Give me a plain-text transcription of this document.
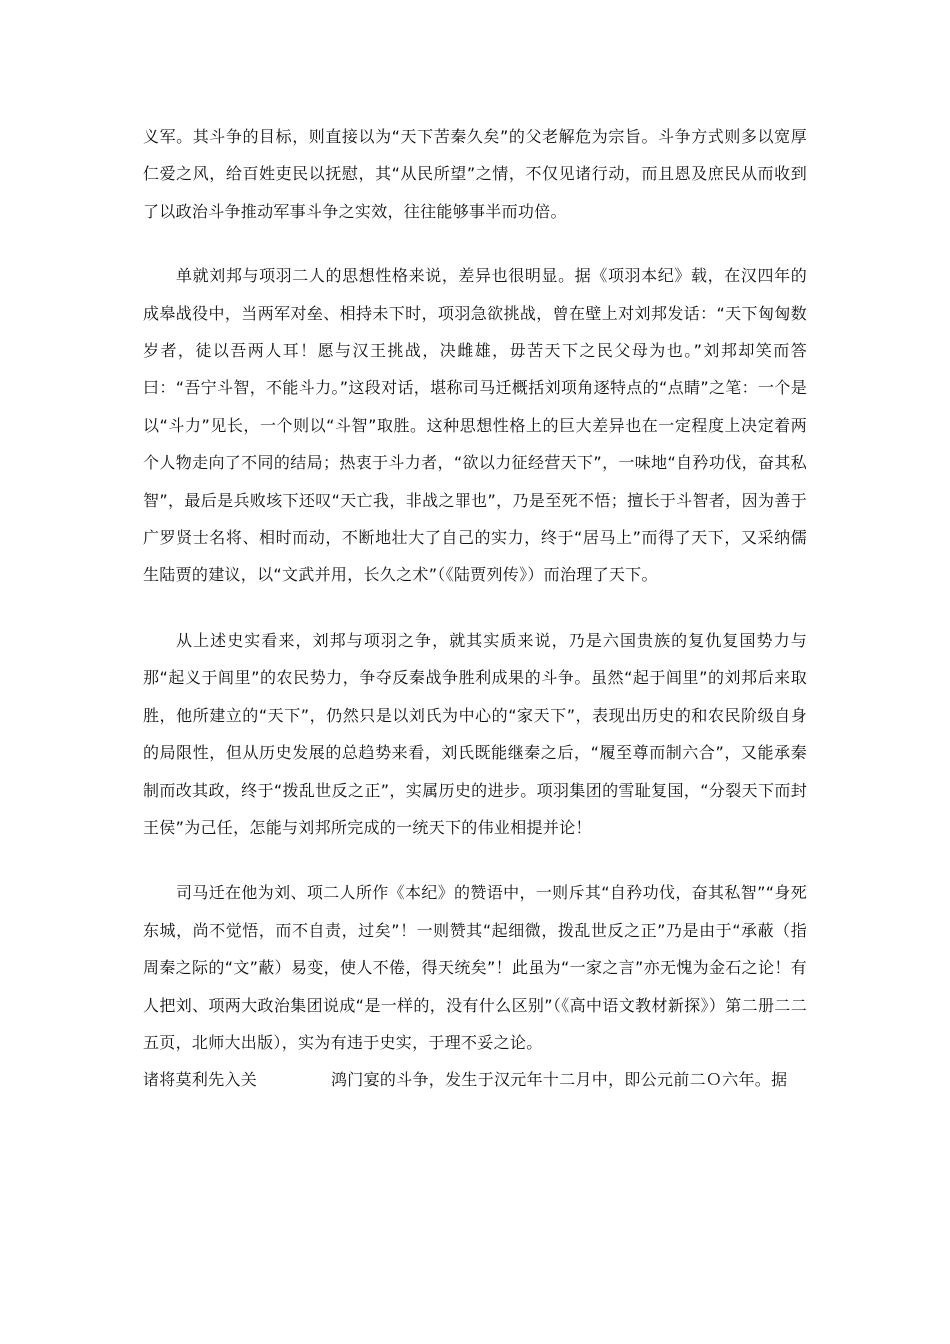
义军。其斗争的目标，则直接以为“天下苦秦久矣”的父老解危为宗旨。斗争方式则多以宽厚仁爱之风，给百姓吏民以抚慰，其“从民所望”之情，不仅见诸行动，而且恩及庶民从而收到了以政治斗争推动军事斗争之实效，往往能够事半而功倍。

单就刘邦与项羽二人的思想性格来说，差异也很明显。据《项羽本纪》载，在汉四年的成皋战役中，当两军对垒、相持未下时，项羽急欲挑战，曾在壁上对刘邦发话：“天下匈匈数岁者，徒以吾两人耳！愿与汉王挑战，决雌雄，毋苦天下之民父母为也。”刘邦却笑而答曰：“吾宁斗智，不能斗力。”这段对话，堪称司马迁概括刘项角逐特点的“点睛”之笔：一个是以“斗力”见长，一个则以“斗智”取胜。这种思想性格上的巨大差异也在一定程度上决定着两个人物走向了不同的结局；热衷于斗力者，“欲以力征经营天下”，一味地“自矜功伐，奋其私智”，最后是兵败垓下还叹“天亡我，非战之罪也”，乃是至死不悟；擅长于斗智者，因为善于广罗贤士名将、相时而动，不断地壮大了自己的实力，终于“居马上”而得了天下，又采纳儒生陆贾的建议，以“文武并用，长久之术”（《陆贾列传》）而治理了天下。

从上述史实看来，刘邦与项羽之争，就其实质来说，乃是六国贵族的复仇复国势力与那“起义于闾里”的农民势力，争夺反秦战争胜利成果的斗争。虽然“起于闾里”的刘邦后来取胜，他所建立的“天下”，仍然只是以刘氏为中心的“家天下”，表现出历史的和农民阶级自身的局限性，但从历史发展的总趋势来看，刘氏既能继秦之后，“履至尊而制六合”，又能承秦制而改其政，终于“拨乱世反之正”，实属历史的进步。项羽集团的雪耻复国，“分裂天下而封王侯”为己任，怎能与刘邦所完成的一统天下的伟业相提并论！

司马迁在他为刘、项二人所作《本纪》的赞语中，一则斥其“自矜功伐，奋其私智”“身死东城，尚不觉悟，而不自责，过矣”！一则赞其“起细微，拨乱世反之正”乃是由于“承蔽（指周秦之际的“文”蔽）易变，使人不倦，得天统矣”！此虽为“一家之言”亦无愧为金石之论！有人把刘、项两大政治集团说成“是一样的，没有什么区别”（《高中语文教材新探》）第二册二二五页，北师大出版），实为有违于史实，于理不妥之论。

诸将莫利先入关	鸿门宴的斗争，发生于汉元年十二月中，即公元前二Ｏ六年。据
